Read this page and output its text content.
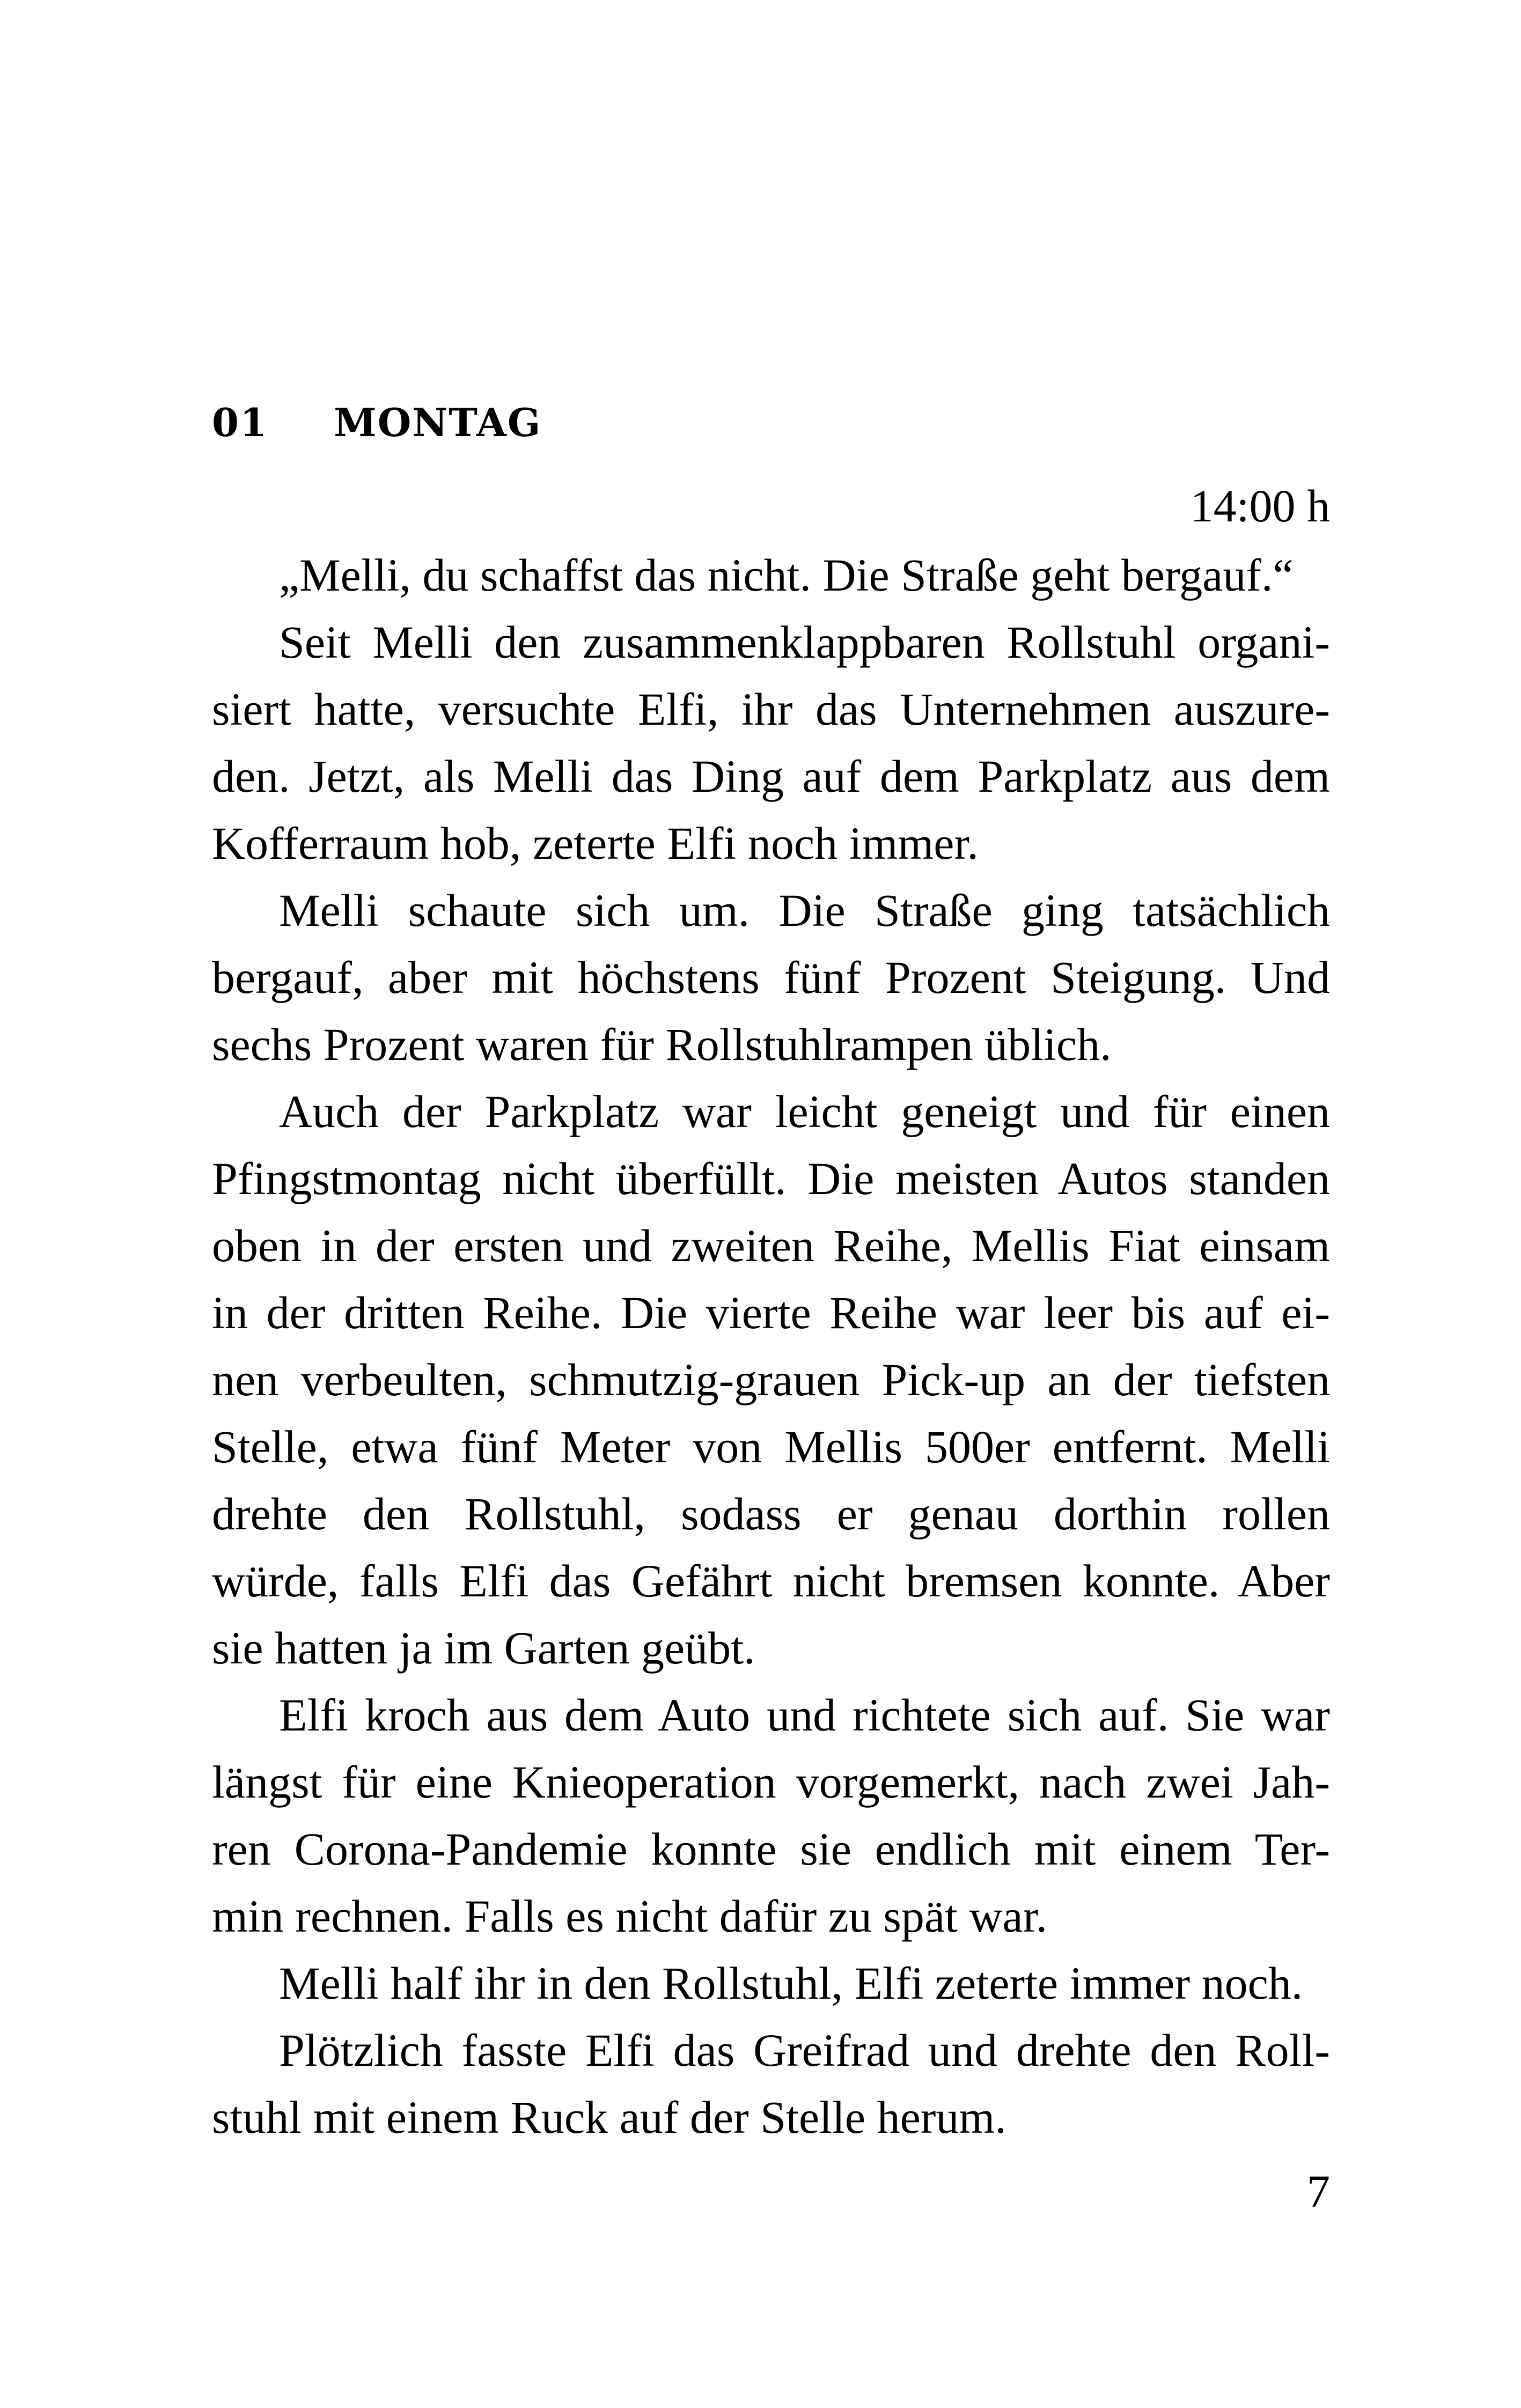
01 MONTAG
14:00 h

„Melli, du schaffst das nicht. Die Straße geht bergauf.“

Seit Melli den zusammenklappbaren Rollstuhl organi-
siert hatte, versuchte Elfi, ihr das Unternehmen auszure-
den. Jetzt, als Melli das Ding auf dem Parkplatz aus dem
Kofferraum hob, zeterte Elfi noch immer.

Melli schaute sich um. Die Straße ging tatsächlich
bergauf, aber mit höchstens fünf Prozent Steigung. Und
sechs Prozent waren für Rollstuhlrampen üblich.

Auch der Parkplatz war leicht geneigt und für einen
Pfingstmontag nicht überfüllt. Die meisten Autos standen
oben in der ersten und zweiten Reihe, Mellis Fiat einsam
in der dritten Reihe. Die vierte Reihe war leer bis auf ei-
nen verbeulten, schmutzig-grauen Pick-up an der tiefsten
Stelle, etwa fünf Meter von Mellis 500er entfernt. Melli
drehte den Rollstuhl, sodass er genau dorthin rollen
würde, falls Elfi das Gefährt nicht bremsen konnte. Aber
sie hatten ja im Garten geübt.

Elfi kroch aus dem Auto und richtete sich auf. Sie war
längst für eine Knieoperation vorgemerkt, nach zwei Jah-
ren Corona-Pandemie konnte sie endlich mit einem Ter-
min rechnen. Falls es nicht dafür zu spät war.

Melli half ihr in den Rollstuhl, Elfi zeterte immer noch.

Plötzlich fasste Elfi das Greifrad und drehte den Roll-
stuhl mit einem Ruck auf der Stelle herum.

7
